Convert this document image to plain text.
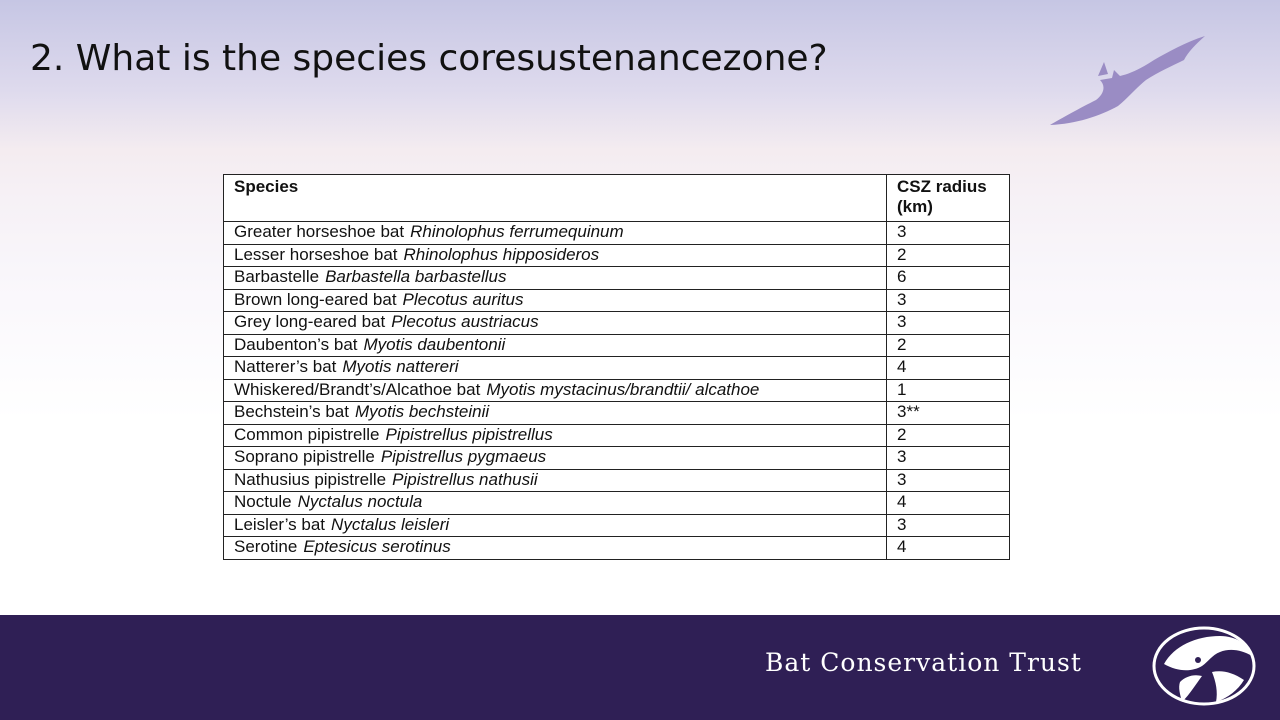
2. What is the species coresustenancezone?
Species	CSZ radius
(km)
Greater horseshoe bat Rhinolophus ferrumequinum	3
Lesser horseshoe bat Rhinolophus hipposideros	2
Barbastelle Barbastella barbastellus	6
Brown long-eared bat Plecotus auritus	3
Grey long-eared bat Plecotus austriacus	3
Daubenton’s bat Myotis daubentonii	2
Natterer’s bat Myotis nattereri	4
Whiskered/Brandt’s/Alcathoe bat Myotis mystacinus/brandtii/ alcathoe	1
Bechstein’s bat Myotis bechsteinii	3**
Common pipistrelle Pipistrellus pipistrellus	2
Soprano pipistrelle Pipistrellus pygmaeus	3
Nathusius pipistrelle Pipistrellus nathusii	3
Noctule Nyctalus noctula	4
Leisler’s bat Nyctalus leisleri	3
Serotine Eptesicus serotinus	4
Bat Conservation Trust
